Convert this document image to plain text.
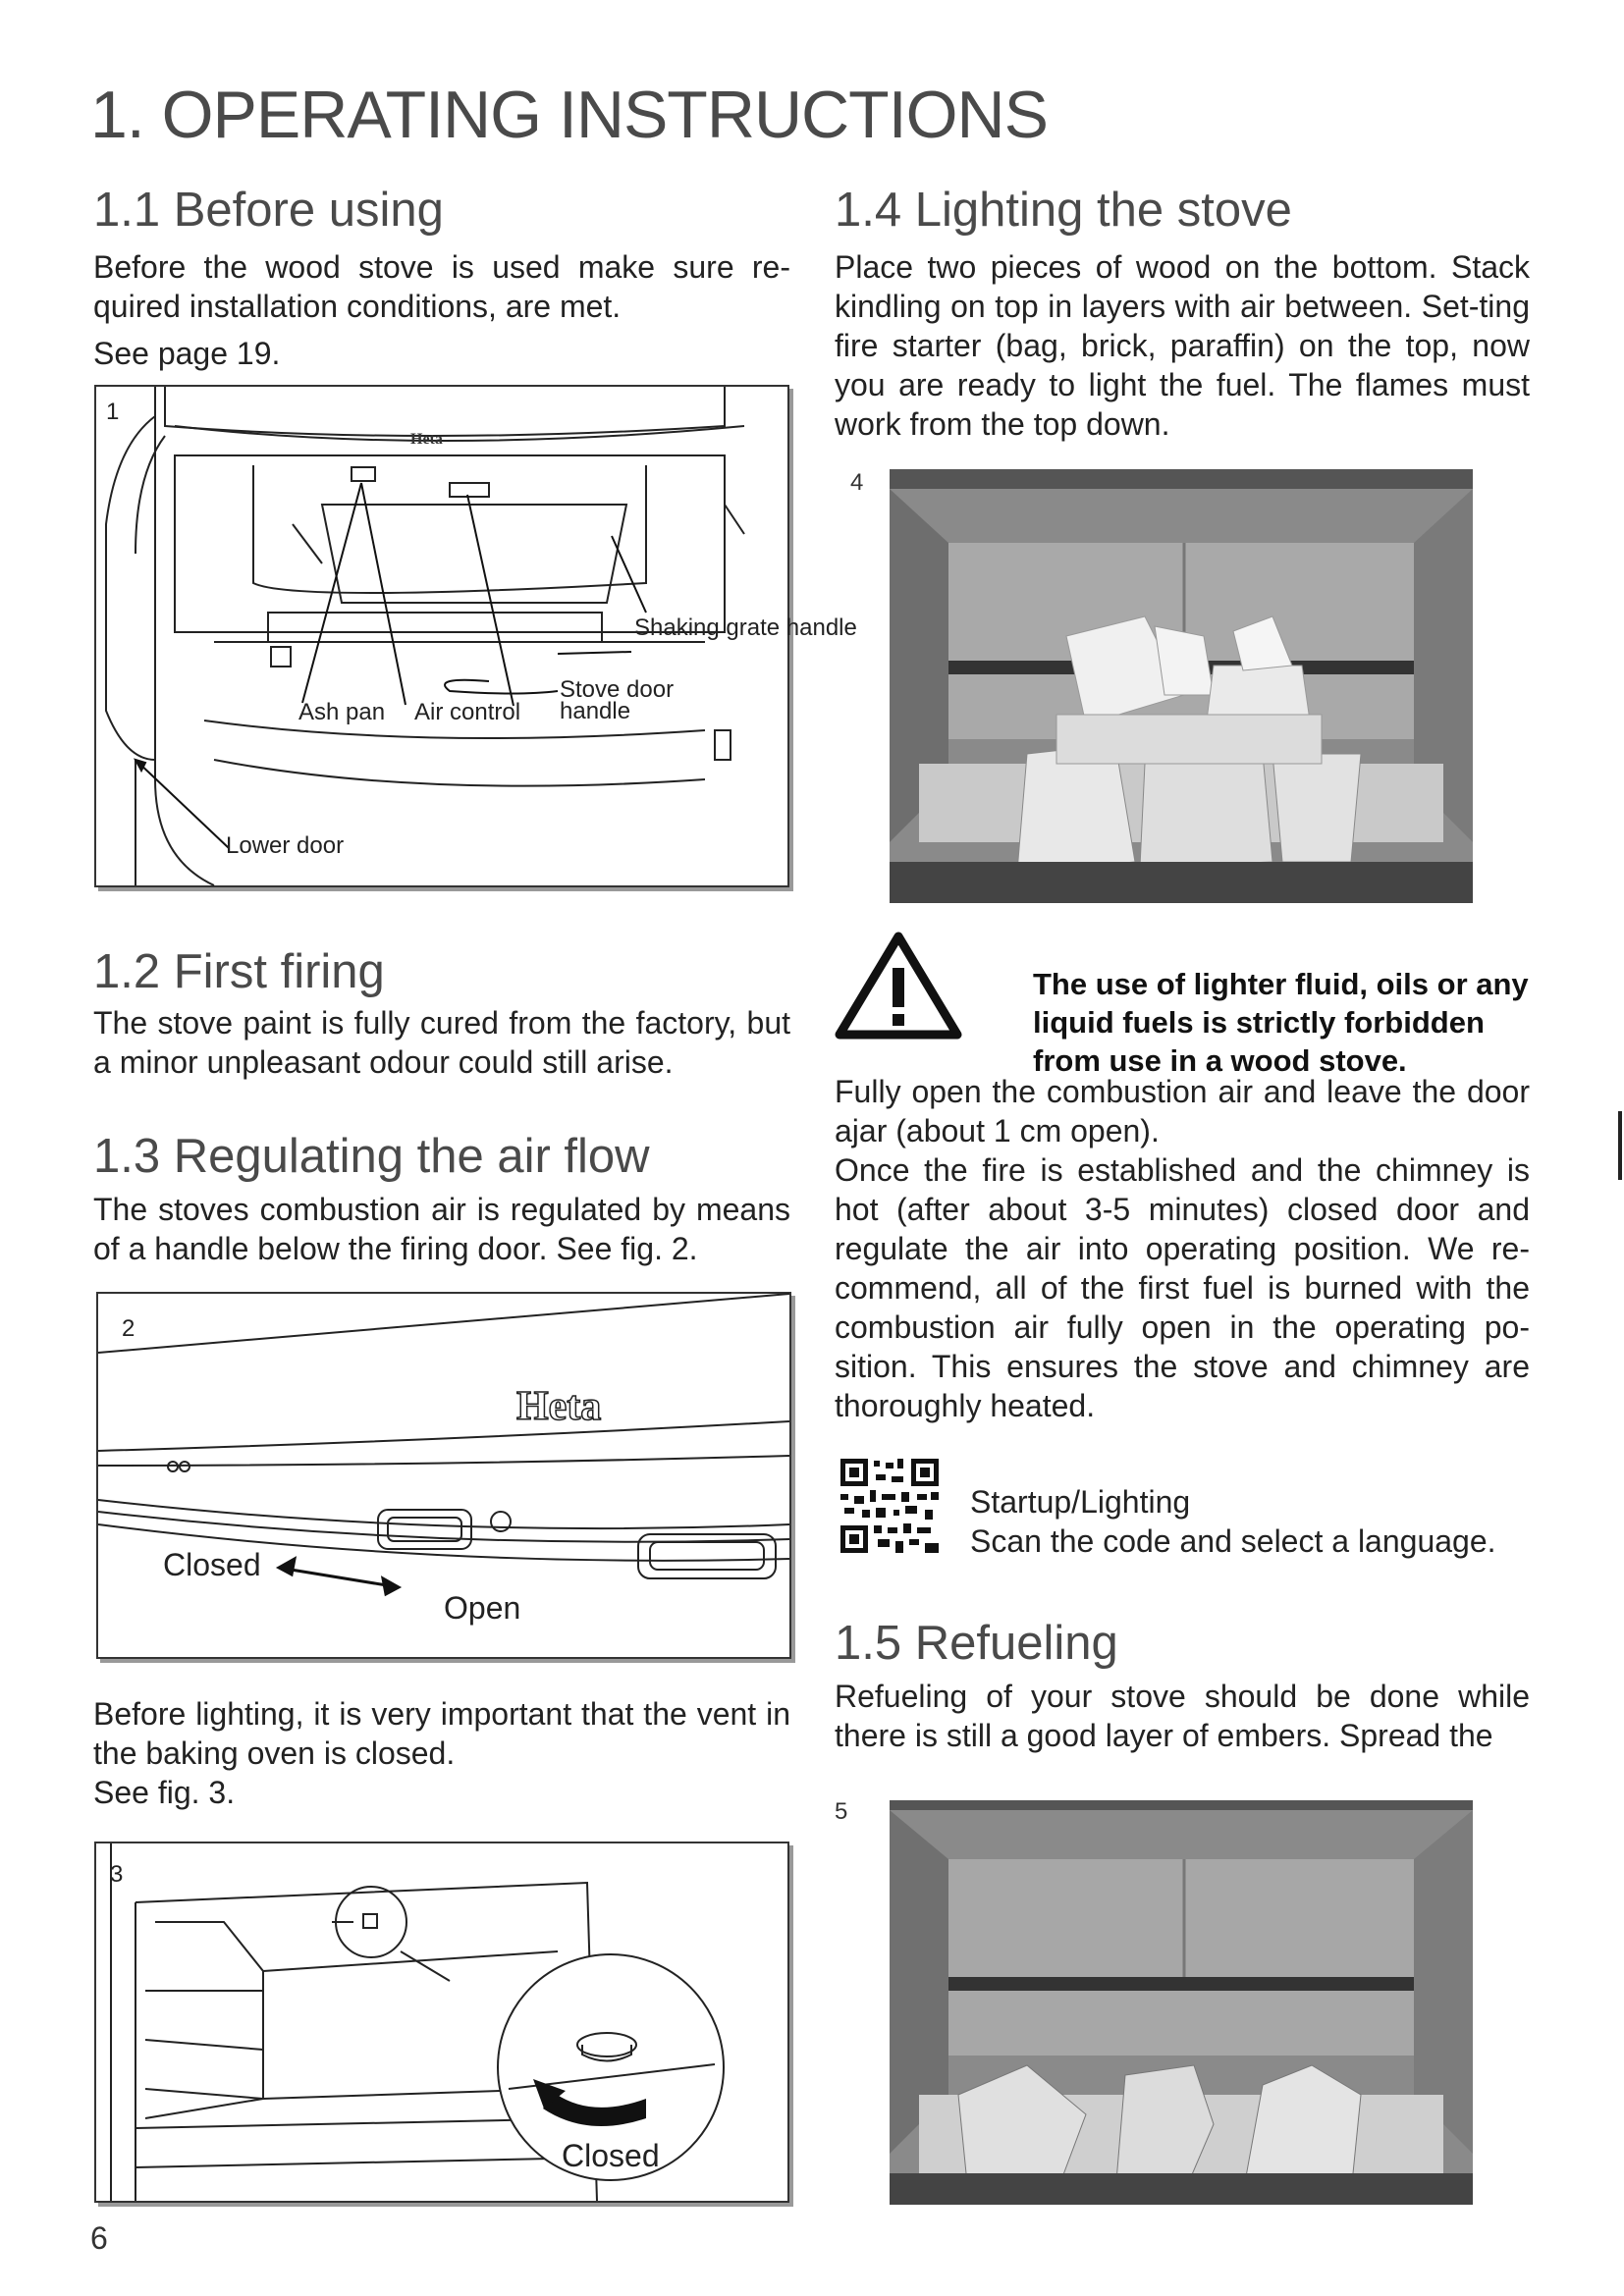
1. OPERATING INSTRUCTIONS
1.1 Before using

Before the wood stove is used make sure re-quired installation conditions, are met.

See page 19.

1
Heta
Shaking grate handle
Ash pan Air control
Stove door handle
Lower door
1.2 First firing

The stove paint is fully cured from the factory, but a minor unpleasant odour could still arise.

1.3 Regulating the air flow

The stoves combustion air is regulated by means of a handle below the firing door. See fig. 2.

2
Heta
Closed
Open

Before lighting, it is very important that the vent in the baking oven is closed.

See fig. 3.

3
Closed
6
1.4 Lighting the stove

Place two pieces of wood on the bottom. Stack kindling on top in layers with air between. Set-ting fire starter (bag, brick, paraffin) on the top, now you are ready to light the fuel. The flames must work from the top down.

4

The use of lighter fluid, oils or any liquid fuels is strictly forbidden from use in a wood stove.

Fully open the combustion air and leave the door ajar (about 1 cm open).

Once the fire is established and the chimney is hot (after about 3-5 minutes) closed door and regulate the air into operating position. We re-commend, all of the first fuel is burned with the combustion air fully open in the operating po-sition. This ensures the stove and chimney are thoroughly heated.

Startup/Lighting

Scan the code and select a language.

1.5 Refueling

Refueling of your stove should be done while there is still a good layer of embers. Spread the

5
